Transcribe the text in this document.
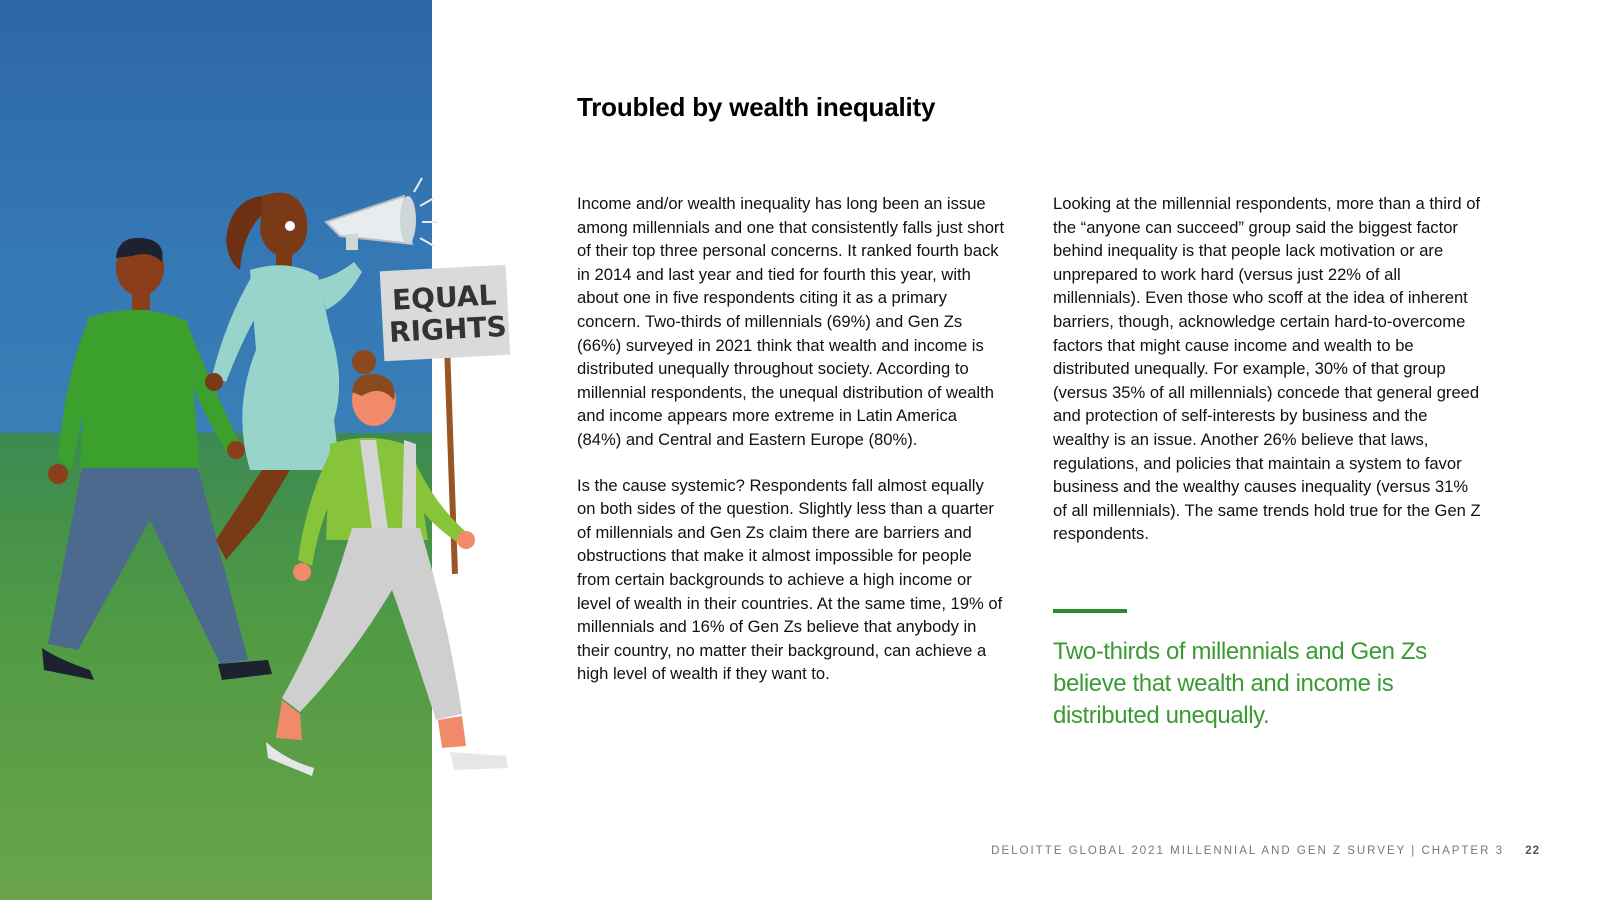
EQUAL
RIGHTS
Troubled by wealth inequality

Income and/or wealth inequality has long been an issue among millennials and one that consistently falls just short of their top three personal concerns. It ranked fourth back in 2014 and last year and tied for fourth this year, with about one in five respondents citing it as a primary concern. Two-thirds of millennials (69%) and Gen Zs (66%) surveyed in 2021 think that wealth and income is distributed unequally throughout society. According to millennial respondents, the unequal distribution of wealth and income appears more extreme in Latin America (84%) and Central and Eastern Europe (80%).

Is the cause systemic? Respondents fall almost equally on both sides of the question. Slightly less than a quarter of millennials and Gen Zs claim there are barriers and obstructions that make it almost impossible for people from certain backgrounds to achieve a high income or level of wealth in their countries. At the same time, 19% of millennials and 16% of Gen Zs believe that anybody in their country, no matter their background, can achieve a high level of wealth if they want to.

Looking at the millennial respondents, more than a third of the “anyone can succeed” group said the biggest factor behind inequality is that people lack motivation or are unprepared to work hard (versus just 22% of all millennials). Even those who scoff at the idea of inherent barriers, though, acknowledge certain hard-to-overcome factors that might cause income and wealth to be distributed unequally. For example, 30% of that group (versus 35% of all millennials) concede that general greed and protection of self-interests by business and the wealthy is an issue. Another 26% believe that laws, regulations, and policies that maintain a system to favor business and the wealthy causes inequality (versus 31% of all millennials). The same trends hold true for the Gen Z respondents.

Two-thirds of millennials and Gen Zs believe that wealth and income is distributed unequally.

DELOITTE GLOBAL 2021 MILLENNIAL AND GEN Z SURVEY | CHAPTER 3 22
